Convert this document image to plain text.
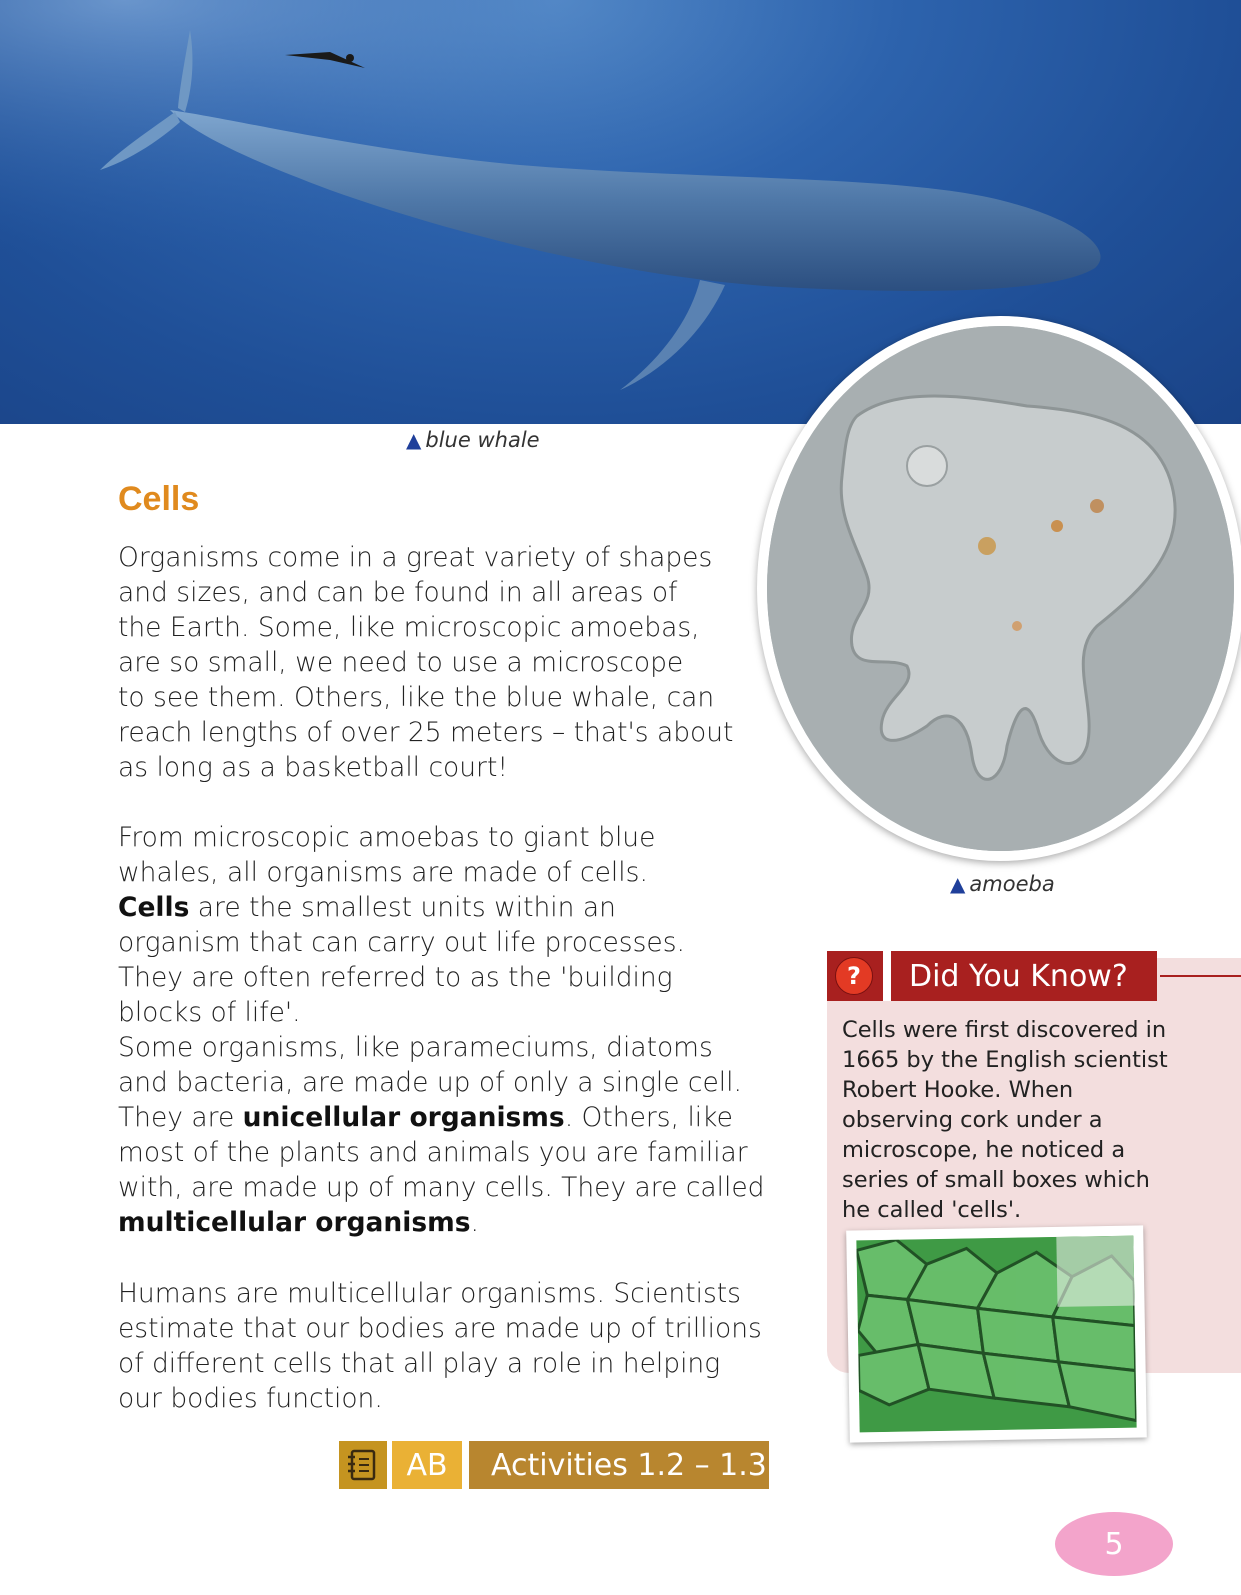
▲ blue whale
▲ amoeba
Cells

Organisms come in a great variety of shapes
and sizes, and can be found in all areas of
the Earth. Some, like microscopic amoebas,
are so small, we need to use a microscope
to see them. Others, like the blue whale, can
reach lengths of over 25 meters – that's about
as long as a basketball court!

From microscopic amoebas to giant blue whales, all organisms are made of cells. Cells are the smallest units within an organism that can carry out life processes. They are often referred to as the 'building blocks of life'.

Some organisms, like parameciums, diatoms and bacteria, are made up of only a single cell. They are unicellular organisms. Others, like most of the plants and animals you are familiar with, are made up of many cells. They are called multicellular organisms.

Humans are multicellular organisms. Scientists estimate that our bodies are made up of trillions of different cells that all play a role in helping our bodies function.

?	Did You Know?

Cells were first discovered in 1665 by the English scientist Robert Hooke. When observing cork under a microscope, he noticed a series of small boxes which he called 'cells'.

AB	Activities 1.2 – 1.3
5
